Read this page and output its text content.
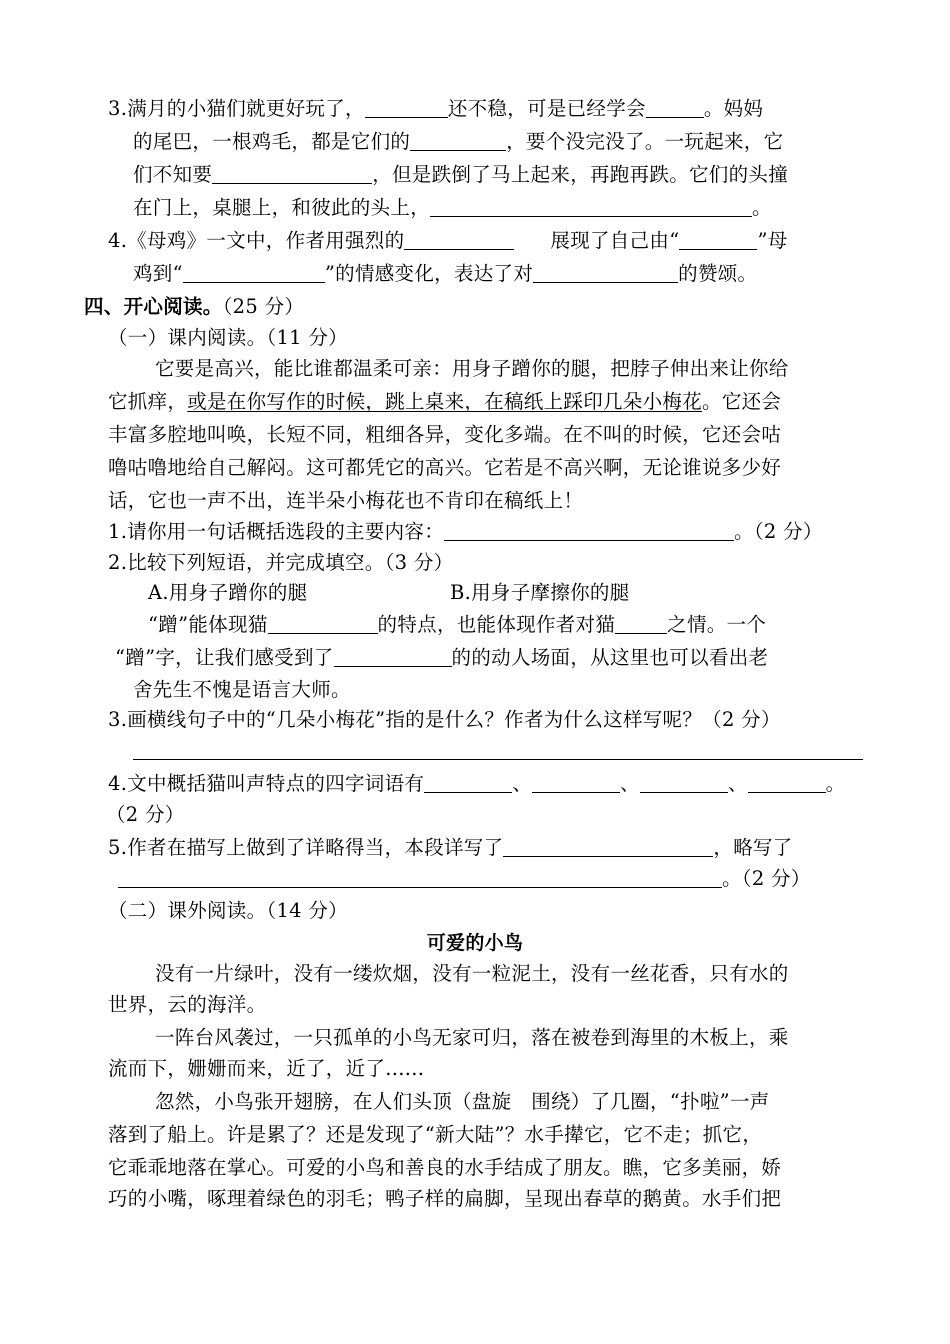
3.满月的小猫们就更好玩了，	还不稳，可是已经学会	。妈妈
的尾巴，一根鸡毛，都是它们的	，要个没完没了。一玩起来，它
们不知要	，但是跌倒了马上起来，再跑再跌。它们的头撞
在门上，桌腿上，和彼此的头上，	。
4.《母鸡》一文中，作者用强烈的	展现了自己由“	”母
鸡到“	”的情感变化，表达了对	的赞颂。
四、开心阅读。（25 分）
（一）课内阅读。（11 分）
它要是高兴，能比谁都温柔可亲：用身子蹭你的腿，把脖子伸出来让你给
它抓痒，或是在你写作的时候，跳上桌来，在稿纸上踩印几朵小梅花。它还会
丰富多腔地叫唤，长短不同，粗细各异，变化多端。在不叫的时候，它还会咕
噜咕噜地给自己解闷。这可都凭它的高兴。它若是不高兴啊，无论谁说多少好
话，它也一声不出，连半朵小梅花也不肯印在稿纸上！
1.请你用一句话概括选段的主要内容：	。（2 分）
2.比较下列短语，并完成填空。（3 分）
A.用身子蹭你的腿	B.用身子摩擦你的腿
“蹭”能体现猫	的特点，也能体现作者对猫	之情。一个
“蹭”字，让我们感受到了	的的动人场面，从这里也可以看出老
舍先生不愧是语言大师。
3.画横线句子中的“几朵小梅花”指的是什么？作者为什么这样写呢？（2 分）
4.文中概括猫叫声特点的四字词语有	、	、	、	。
（2 分）
5.作者在描写上做到了详略得当，本段详写了	，略写了
。（2 分）
（二）课外阅读。（14 分）
可爱的小鸟
没有一片绿叶，没有一缕炊烟，没有一粒泥土，没有一丝花香，只有水的
世界，云的海洋。
一阵台风袭过，一只孤单的小鸟无家可归，落在被卷到海里的木板上，乘
流而下，姗姗而来，近了，近了......
忽然，小鸟张开翅膀，在人们头顶（盘旋　围绕）了几圈，“扑啦”一声
落到了船上。许是累了？还是发现了“新大陆”？水手撵它，它不走；抓它，
它乖乖地落在掌心。可爱的小鸟和善良的水手结成了朋友。瞧，它多美丽，娇
巧的小嘴，啄理着绿色的羽毛；鸭子样的扁脚，呈现出春草的鹅黄。水手们把
